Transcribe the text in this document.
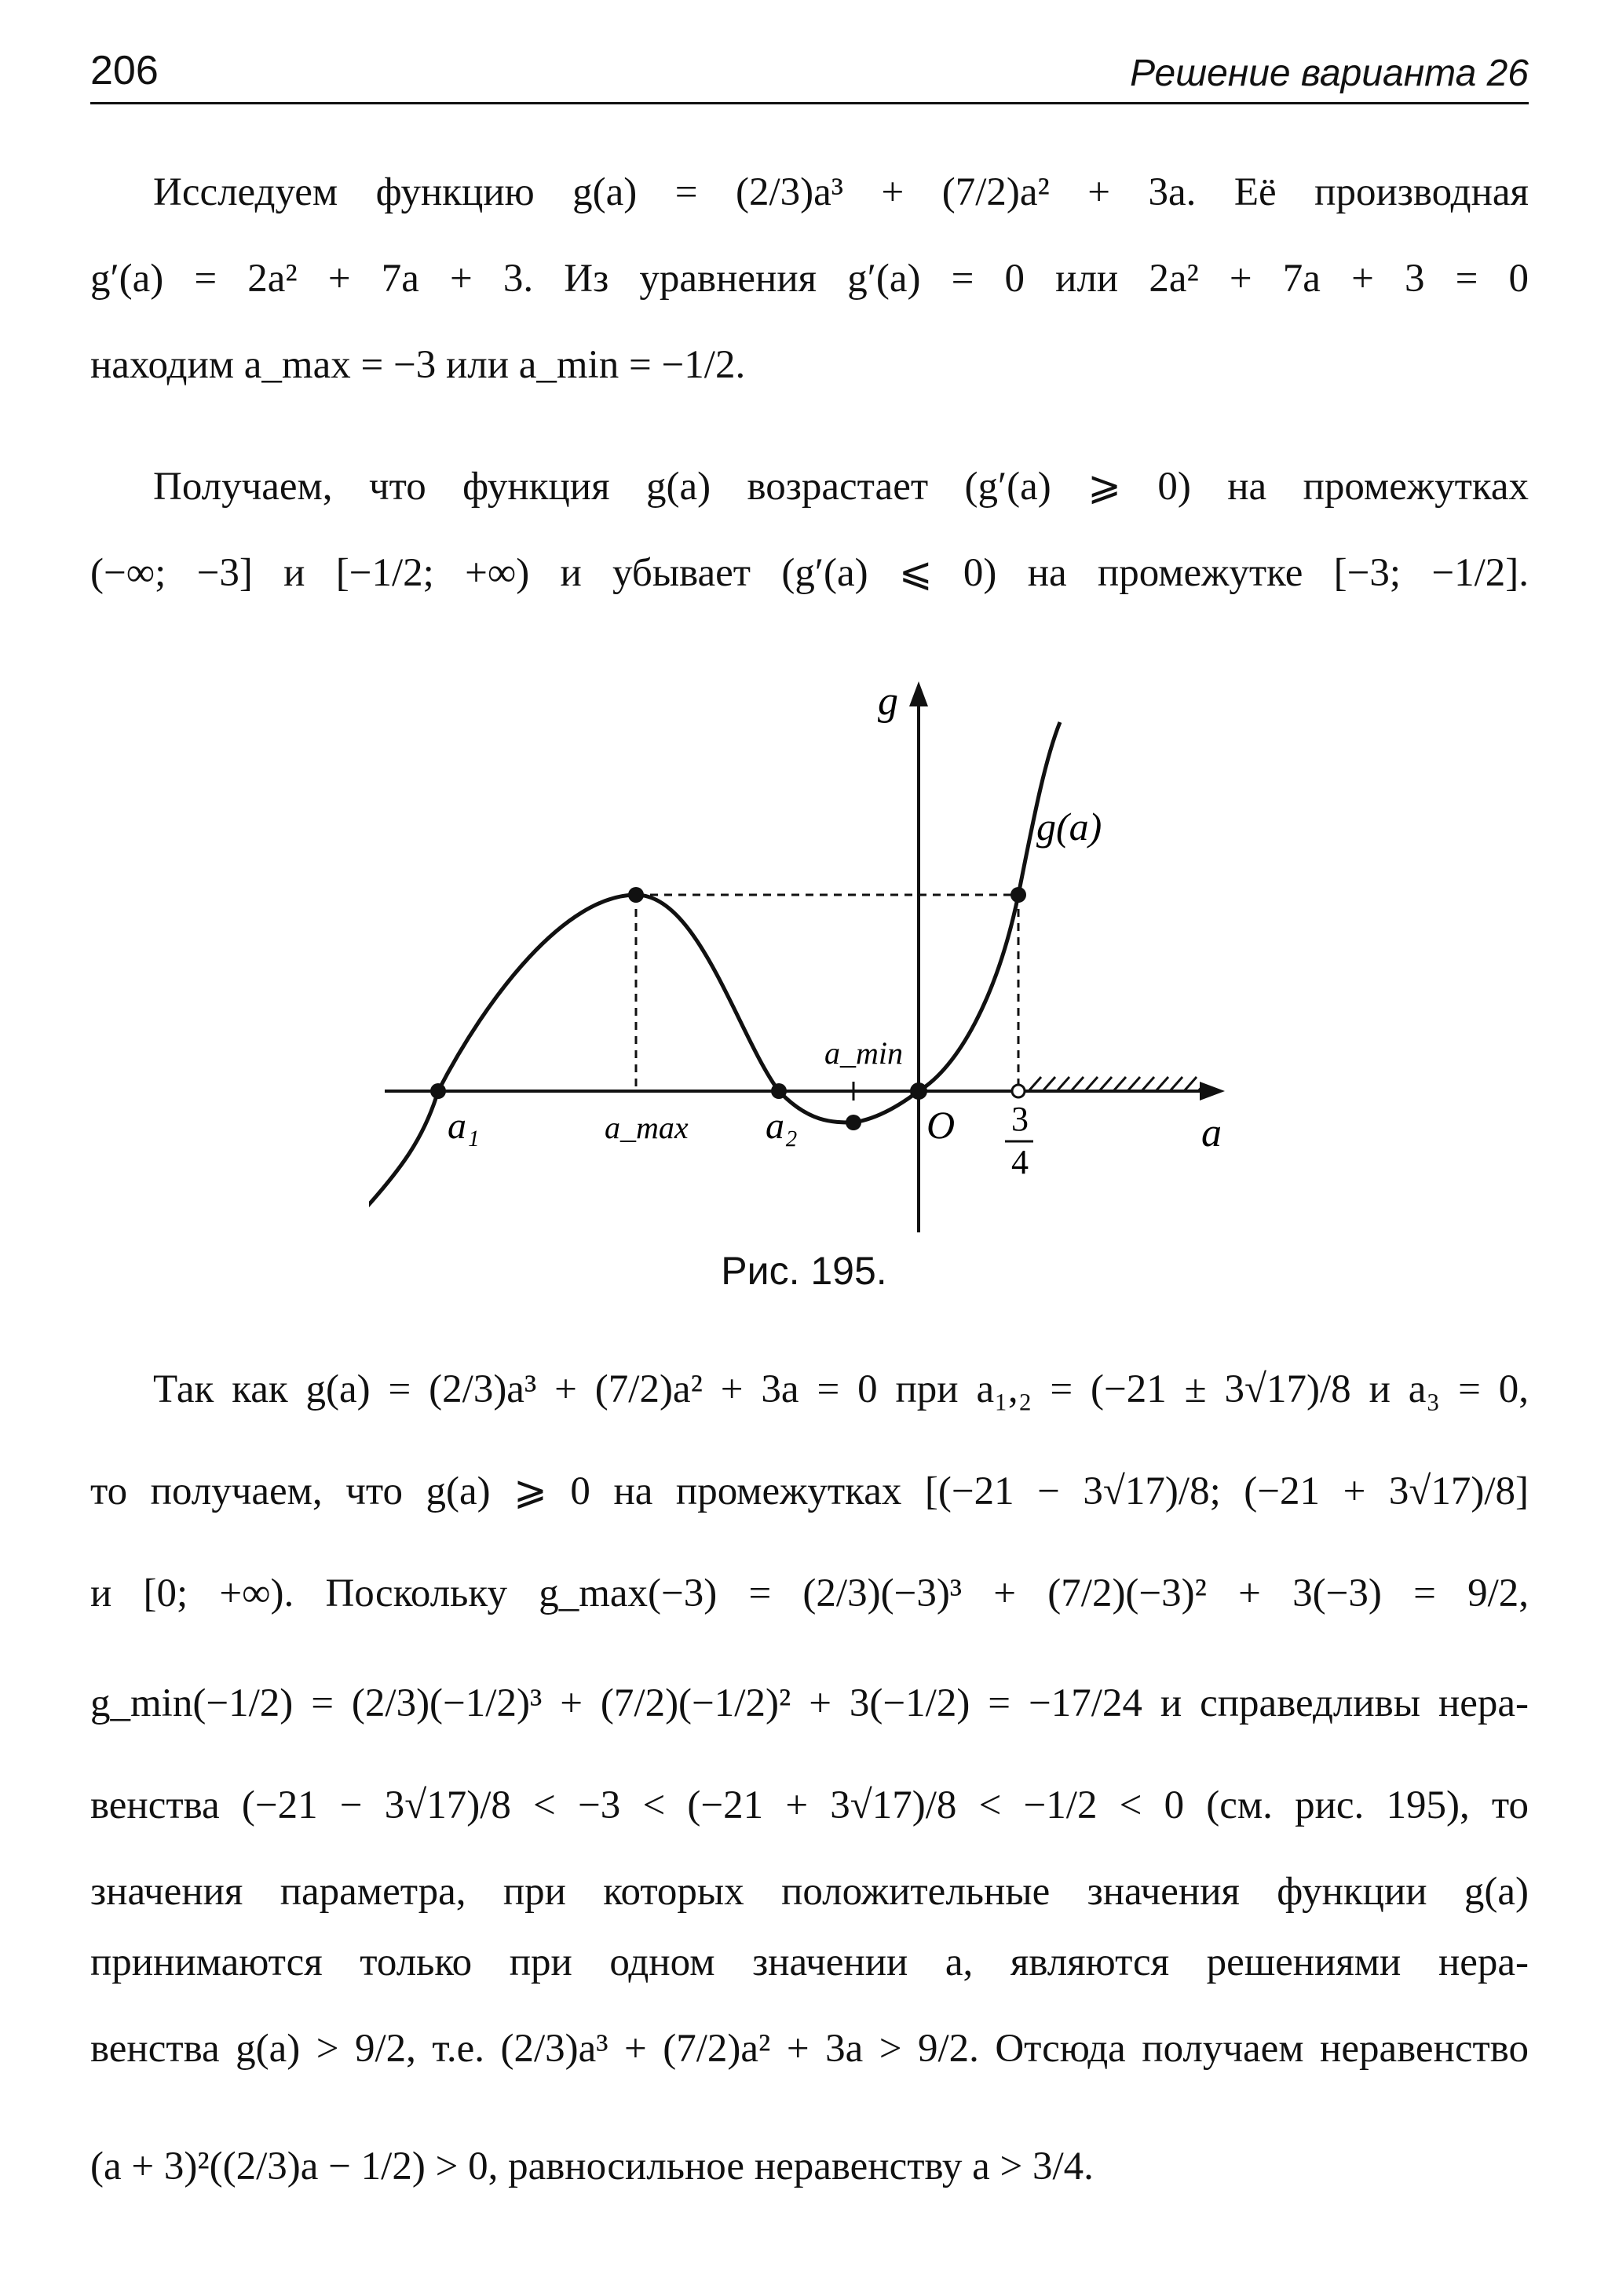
206	Решение варианта 26
Исследуем функцию g(a) = (2/3)a³ + (7/2)a² + 3a. Её производная
g′(a) = 2a² + 7a + 3. Из уравнения g′(a) = 0 или 2a² + 7a + 3 = 0
находим a_max = −3 или a_min = −1/2.
Получаем, что функция g(a) возрастает (g′(a) ⩾ 0) на промежутках
(−∞; −3] и [−1/2; +∞) и убывает (g′(a) ⩽ 0) на промежутке [−3; −1/2].
g
a
g(a)
a₁	a_max a₂
a_min
O 3
4
Рис. 195.
Так как g(a) = (2/3)a³ + (7/2)a² + 3a = 0 при a₁,₂ = (−21 ± 3√17)/8 и a₃ = 0,
то получаем, что g(a) ⩾ 0 на промежутках [(−21 − 3√17)/8; (−21 + 3√17)/8]
и [0; +∞). Поскольку g_max(−3) = (2/3)(−3)³ + (7/2)(−3)² + 3(−3) = 9/2,
g_min(−1/2) = (2/3)(−1/2)³ + (7/2)(−1/2)² + 3(−1/2) = −17/24 и справедливы нера-
венства (−21 − 3√17)/8 < −3 < (−21 + 3√17)/8 < −1/2 < 0 (см. рис. 195), то
значения параметра, при которых положительные значения функции g(a)
принимаются только при одном значении a, являются решениями нера-
венства g(a) > 9/2, т.е. (2/3)a³ + (7/2)a² + 3a > 9/2. Отсюда получаем неравенство
(a + 3)²((2/3)a − 1/2) > 0, равносильное неравенству a > 3/4.
